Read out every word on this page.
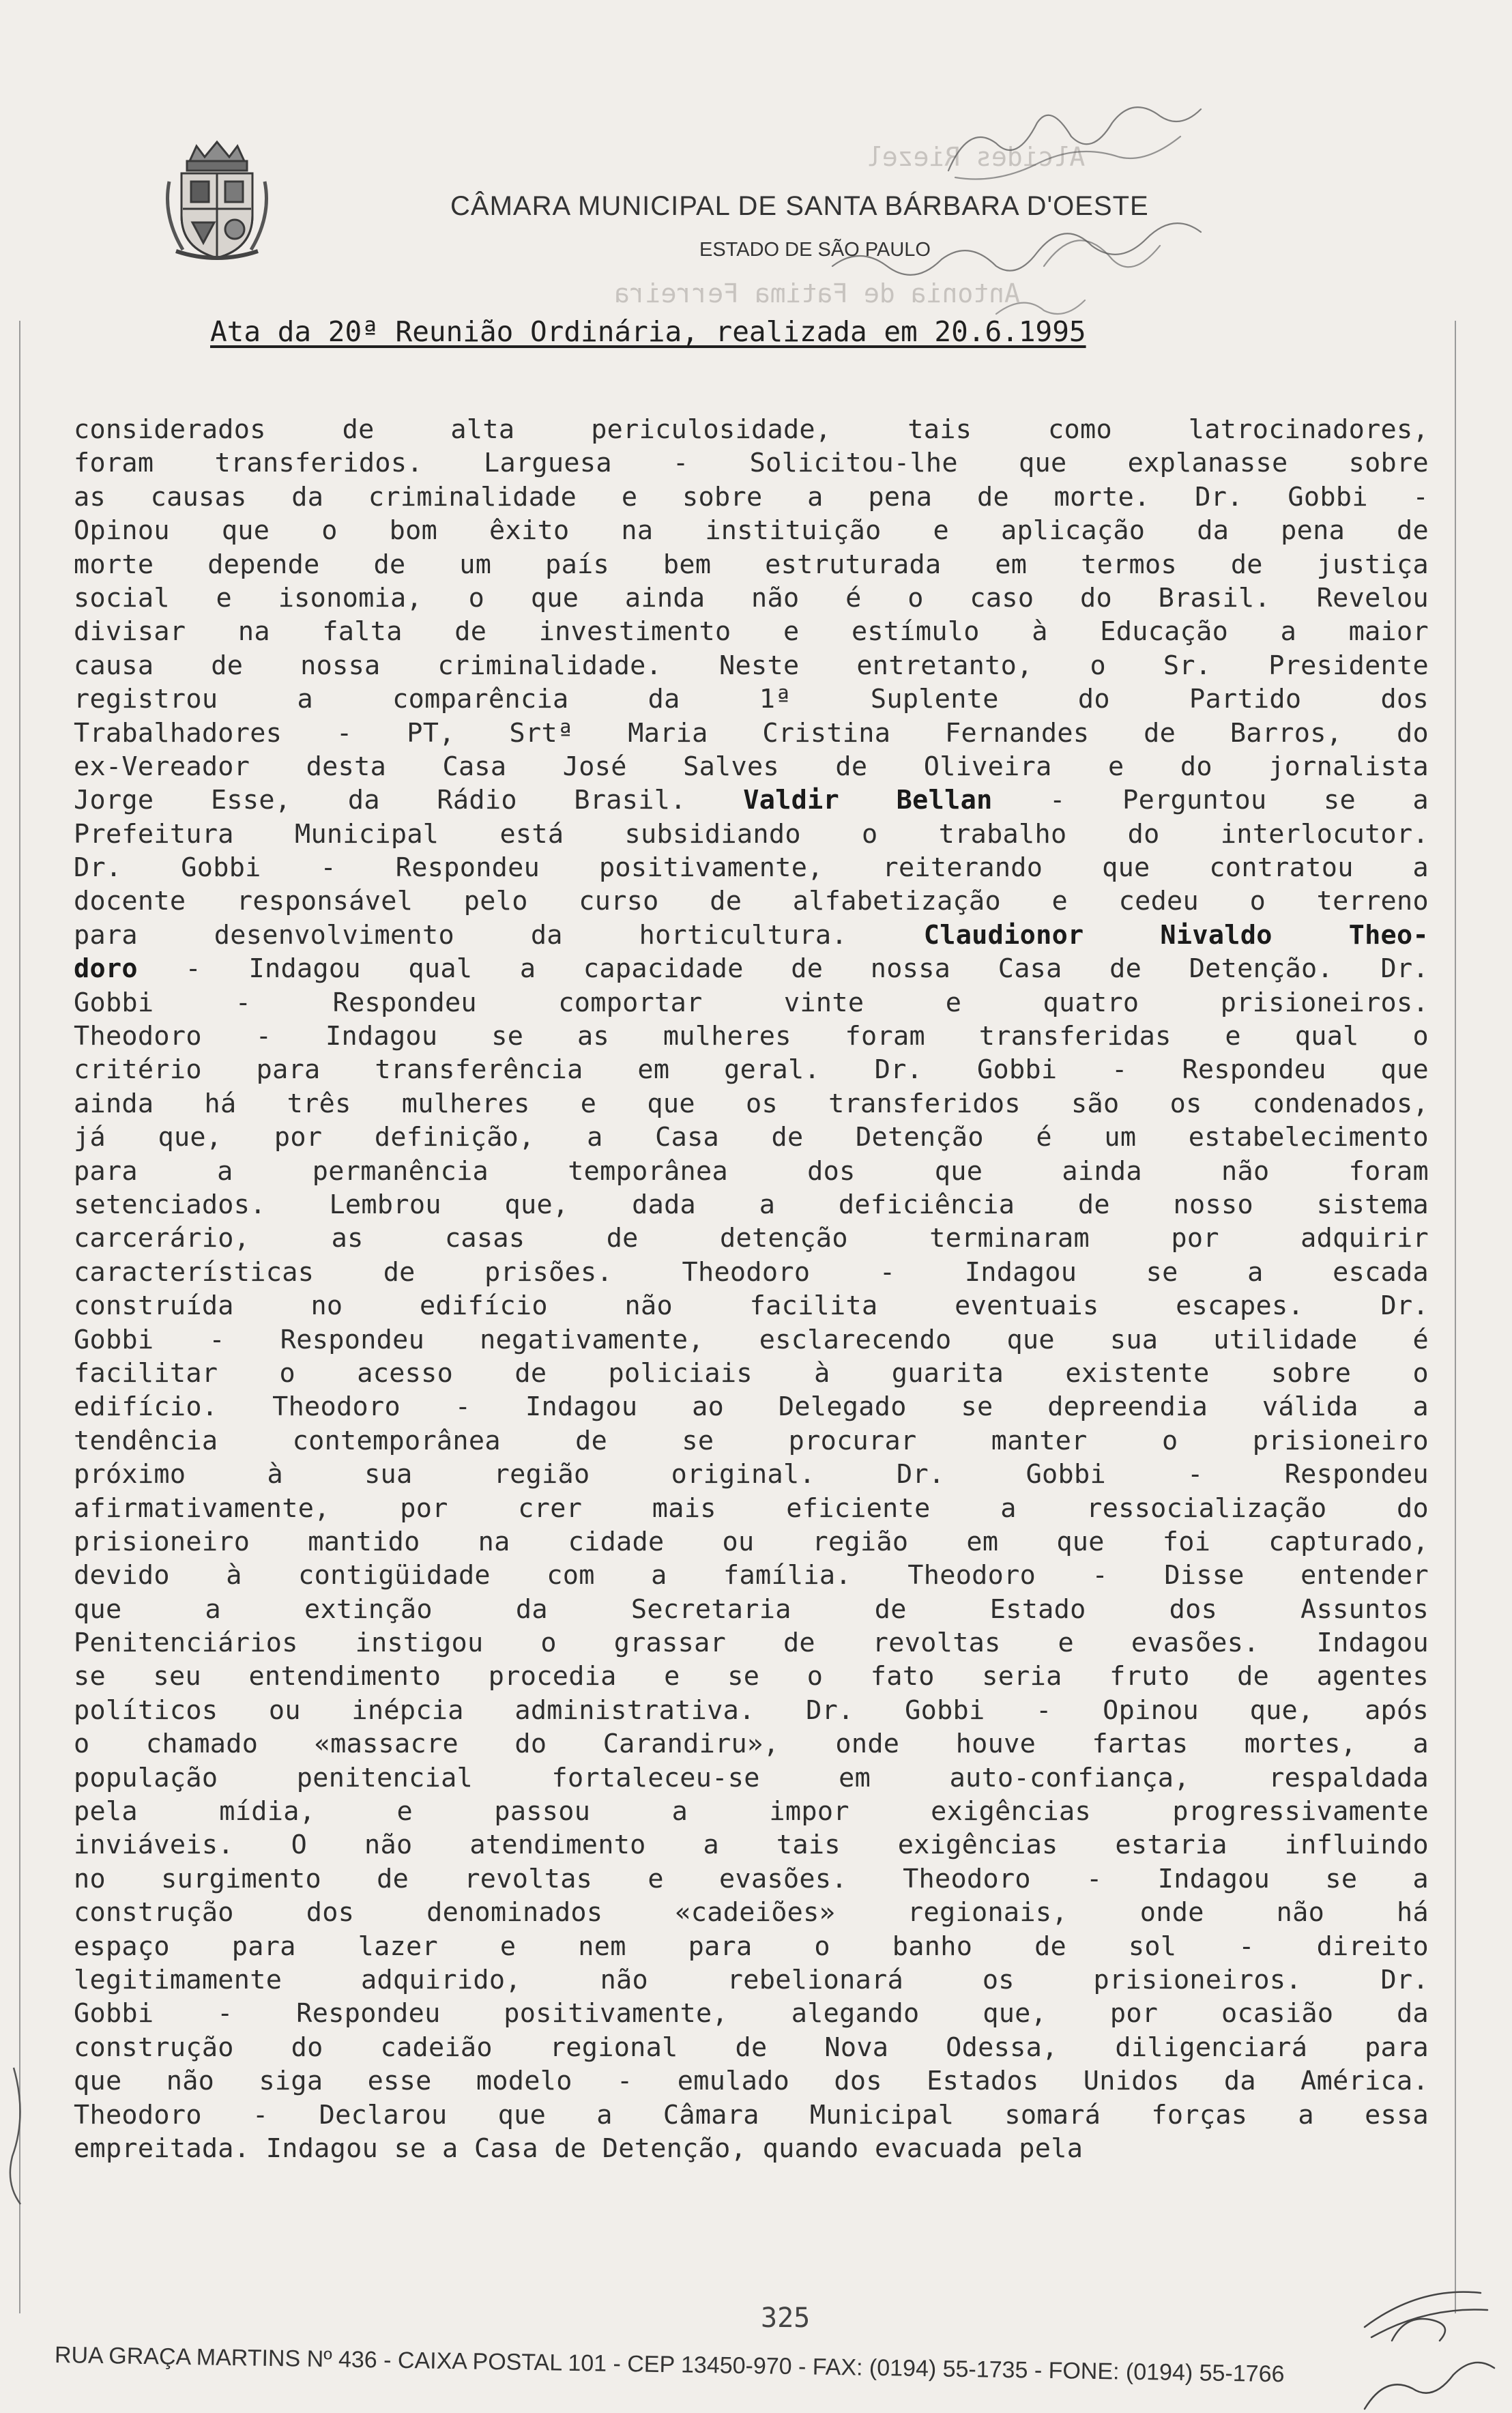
CÂMARA MUNICIPAL DE SANTA BÁRBARA D'OESTE
ESTADO DE SÃO PAULO
Alcides Riezel
Antonia de Fatima Ferreira
Ata da 20ª Reunião Ordinária, realizada em 20.6.1995
considerados de alta periculosidade, tais como latrocinadores,
foram transferidos. Larguesa - Solicitou-lhe que explanasse sobre
as causas da criminalidade e sobre a pena de morte. Dr. Gobbi -
Opinou que o bom êxito na instituição e aplicação da pena de
morte depende de um país bem estruturada em termos de justiça
social e isonomia, o que ainda não é o caso do Brasil. Revelou
divisar na falta de investimento e estímulo à Educação a maior
causa de nossa criminalidade. Neste entretanto, o Sr. Presidente
registrou a comparência da 1ª Suplente do Partido dos
Trabalhadores - PT, Srtª Maria Cristina Fernandes de Barros, do
ex-Vereador desta Casa José Salves de Oliveira e do jornalista
Jorge Esse, da Rádio Brasil. Valdir Bellan - Perguntou se a
Prefeitura Municipal está subsidiando o trabalho do interlocutor.
Dr. Gobbi - Respondeu positivamente, reiterando que contratou a
docente responsável pelo curso de alfabetização e cedeu o terreno
para desenvolvimento da horticultura. Claudionor Nivaldo Theo-
doro - Indagou qual a capacidade de nossa Casa de Detenção. Dr.
Gobbi - Respondeu comportar vinte e quatro prisioneiros.
Theodoro - Indagou se as mulheres foram transferidas e qual o
critério para transferência em geral. Dr. Gobbi - Respondeu que
ainda há três mulheres e que os transferidos são os condenados,
já que, por definição, a Casa de Detenção é um estabelecimento
para a permanência temporânea dos que ainda não foram
setenciados. Lembrou que, dada a deficiência de nosso sistema
carcerário, as casas de detenção terminaram por adquirir
características de prisões. Theodoro - Indagou se a escada
construída no edifício não facilita eventuais escapes. Dr.
Gobbi - Respondeu negativamente, esclarecendo que sua utilidade é
facilitar o acesso de policiais à guarita existente sobre o
edifício. Theodoro - Indagou ao Delegado se depreendia válida a
tendência contemporânea de se procurar manter o prisioneiro
próximo à sua região original. Dr. Gobbi - Respondeu
afirmativamente, por crer mais eficiente a ressocialização do
prisioneiro mantido na cidade ou região em que foi capturado,
devido à contigüidade com a família. Theodoro - Disse entender
que a extinção da Secretaria de Estado dos Assuntos
Penitenciários instigou o grassar de revoltas e evasões. Indagou
se seu entendimento procedia e se o fato seria fruto de agentes
políticos ou inépcia administrativa. Dr. Gobbi - Opinou que, após
o chamado «massacre do Carandiru», onde houve fartas mortes, a
população penitencial fortaleceu-se em auto-confiança, respaldada
pela mídia, e passou a impor exigências progressivamente
inviáveis. O não atendimento a tais exigências estaria influindo
no surgimento de revoltas e evasões. Theodoro - Indagou se a
construção dos denominados «cadeiões» regionais, onde não há
espaço para lazer e nem para o banho de sol - direito
legitimamente adquirido, não rebelionará os prisioneiros. Dr.
Gobbi - Respondeu positivamente, alegando que, por ocasião da
construção do cadeião regional de Nova Odessa, diligenciará para
que não siga esse modelo - emulado dos Estados Unidos da América.
Theodoro - Declarou que a Câmara Municipal somará forças a essa
empreitada. Indagou se a Casa de Detenção, quando evacuada pela
325
RUA GRAÇA MARTINS Nº 436 - CAIXA POSTAL 101 - CEP 13450-970 - FAX: (0194) 55-1735 - FONE: (0194) 55-1766
